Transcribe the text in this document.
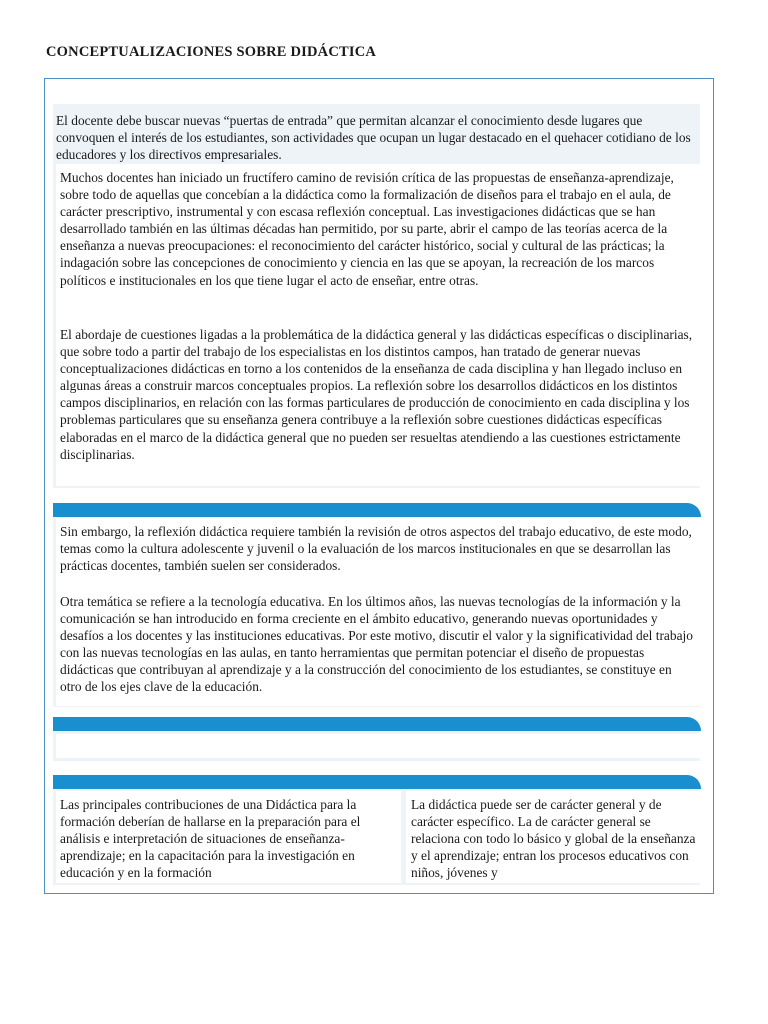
CONCEPTUALIZACIONES SOBRE DIDÁCTICA

El docente debe buscar nuevas “puertas de entrada” que permitan alcanzar el conocimiento desde lugares que convoquen el interés de los estudiantes, son actividades que ocupan un lugar destacado en el quehacer cotidiano de los educadores y los directivos empresariales.

Muchos docentes han iniciado un fructífero camino de revisión crítica de las propuestas de enseñanza-aprendizaje, sobre todo de aquellas que concebían a la didáctica como la formalización de diseños para el trabajo en el aula, de carácter prescriptivo, instrumental y con escasa reflexión conceptual. Las investigaciones didácticas que se han desarrollado también en las últimas décadas han permitido, por su parte, abrir el campo de las teorías acerca de la enseñanza a nuevas preocupaciones: el reconocimiento del carácter histórico, social y cultural de las prácticas; la indagación sobre las concepciones de conocimiento y ciencia en las que se apoyan, la recreación de los marcos políticos e institucionales en los que tiene lugar el acto de enseñar, entre otras.

El abordaje de cuestiones ligadas a la problemática de la didáctica general y las didácticas específicas o disciplinarias, que sobre todo a partir del trabajo de los especialistas en los distintos campos, han tratado de generar nuevas conceptualizaciones didácticas en torno a los contenidos de la enseñanza de cada disciplina y han llegado incluso en algunas áreas a construir marcos conceptuales propios. La reflexión sobre los desarrollos didácticos en los distintos campos disciplinarios, en relación con las formas particulares de producción de conocimiento en cada disciplina y los problemas particulares que su enseñanza genera contribuye a la reflexión sobre cuestiones didácticas específicas elaboradas en el marco de la didáctica general que no pueden ser resueltas atendiendo a las cuestiones estrictamente disciplinarias.

Sin embargo, la reflexión didáctica requiere también la revisión de otros aspectos del trabajo educativo, de este modo, temas como la cultura adolescente y juvenil o la evaluación de los marcos institucionales en que se desarrollan las prácticas docentes, también suelen ser considerados.

Otra temática se refiere a la tecnología educativa. En los últimos años, las nuevas tecnologías de la información y la comunicación se han introducido en forma creciente en el ámbito educativo, generando nuevas oportunidades y desafíos a los docentes y las instituciones educativas. Por este motivo, discutir el valor y la significatividad del trabajo con las nuevas tecnologías en las aulas, en tanto herramientas que permitan potenciar el diseño de propuestas didácticas que contribuyan al aprendizaje y a la construcción del conocimiento de los estudiantes, se constituye en otro de los ejes clave de la educación.

Las principales contribuciones de una Didáctica para la formación deberían de hallarse en la preparación para el análisis e interpretación de situaciones de enseñanza-aprendizaje; en la capacitación para la investigación en educación y en la formación

La didáctica puede ser de carácter general y de carácter específico. La de carácter general se relaciona con todo lo básico y global de la enseñanza y el aprendizaje; entran los procesos educativos con niños, jóvenes y
